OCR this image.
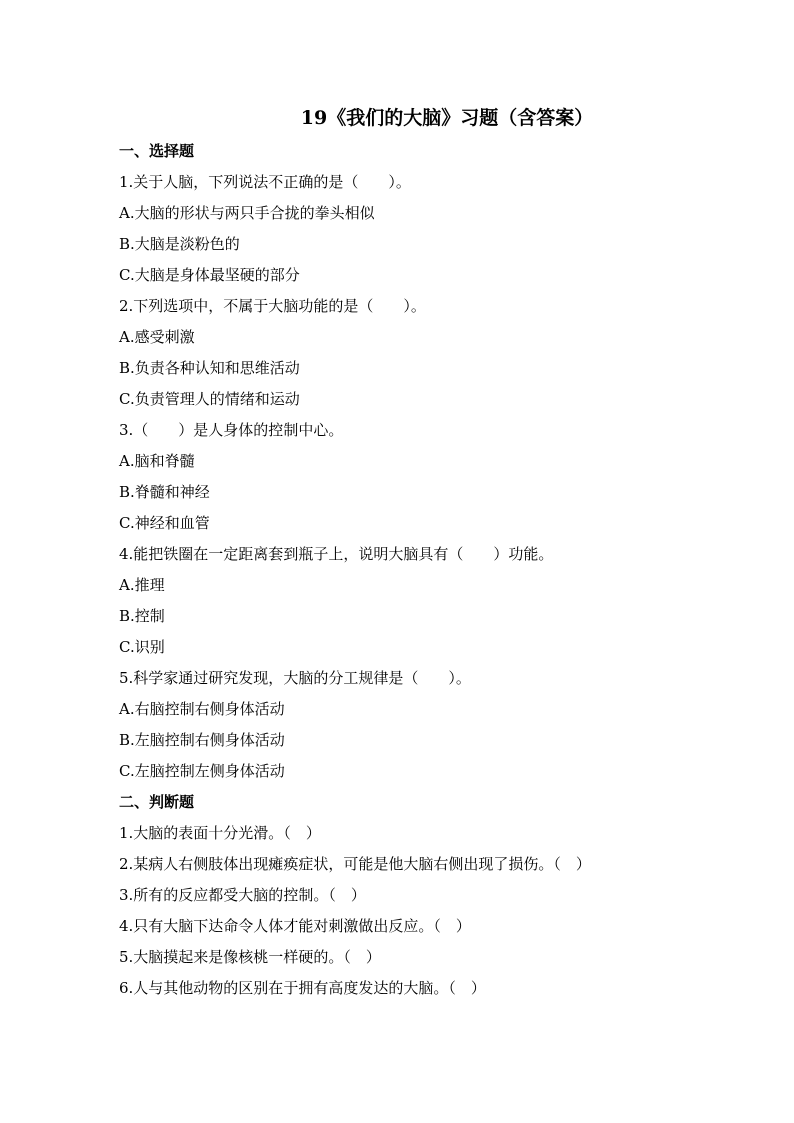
19《我们的大脑》习题（含答案）
一、选择题
1.关于人脑，下列说法不正确的是（　　）。
A.大脑的形状与两只手合拢的拳头相似
B.大脑是淡粉色的
C.大脑是身体最坚硬的部分
2.下列选项中，不属于大脑功能的是（　　）。
A.感受刺激
B.负责各种认知和思维活动
C.负责管理人的情绪和运动
3.（　　）是人身体的控制中心。
A.脑和脊髓
B.脊髓和神经
C.神经和血管
4.能把铁圈在一定距离套到瓶子上，说明大脑具有（　　）功能。
A.推理
B.控制
C.识别
5.科学家通过研究发现，大脑的分工规律是（　　）。
A.右脑控制右侧身体活动
B.左脑控制右侧身体活动
C.左脑控制左侧身体活动
二、判断题
1.大脑的表面十分光滑。（　）
2.某病人右侧肢体出现瘫痪症状，可能是他大脑右侧出现了损伤。（　）
3.所有的反应都受大脑的控制。（　）
4.只有大脑下达命令人体才能对刺激做出反应。（　）
5.大脑摸起来是像核桃一样硬的。（　）
6.人与其他动物的区别在于拥有高度发达的大脑。（　）
